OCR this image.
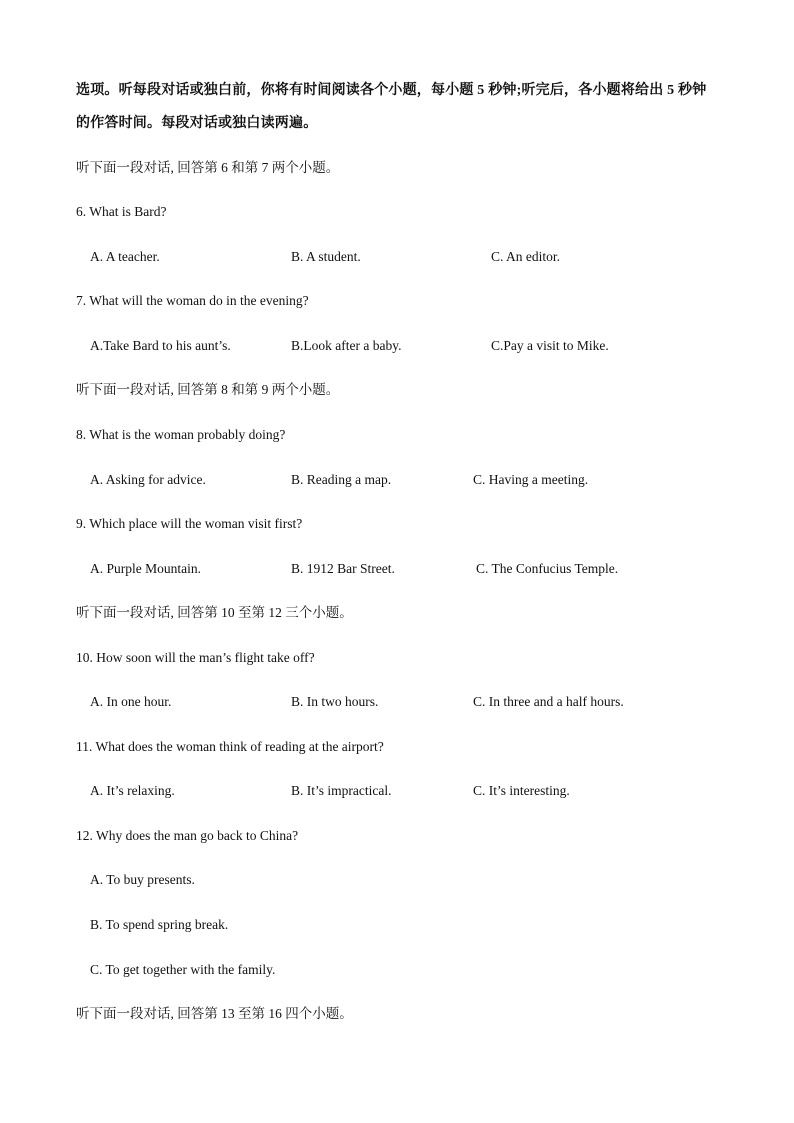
选项。听每段对话或独白前，你将有时间阅读各个小题，每小题 5 秒钟;听完后，各小题将给出 5 秒钟
的作答时间。每段对话或独白读两遍。
听下面一段对话, 回答第 6 和第 7 两个小题。
6. What is Bard?
A. A teacher.	B. A student.	C. An editor.
7. What will the woman do in the evening?
A.Take Bard to his aunt’s.	B.Look after a baby.	C.Pay a visit to Mike.
听下面一段对话, 回答第 8 和第 9 两个小题。
8. What is the woman probably doing?
A. Asking for advice.	B. Reading a map.	C. Having a meeting.
9. Which place will the woman visit first?
A. Purple Mountain.	B. 1912 Bar Street.	C. The Confucius Temple.
听下面一段对话, 回答第 10 至第 12 三个小题。
10. How soon will the man’s flight take off?
A. In one hour.	B. In two hours.	C. In three and a half hours.
11. What does the woman think of reading at the airport?
A. It’s relaxing.	B. It’s impractical.	C. It’s interesting.
12. Why does the man go back to China?
A. To buy presents.
B. To spend spring break.
C. To get together with the family.
听下面一段对话, 回答第 13 至第 16 四个小题。
